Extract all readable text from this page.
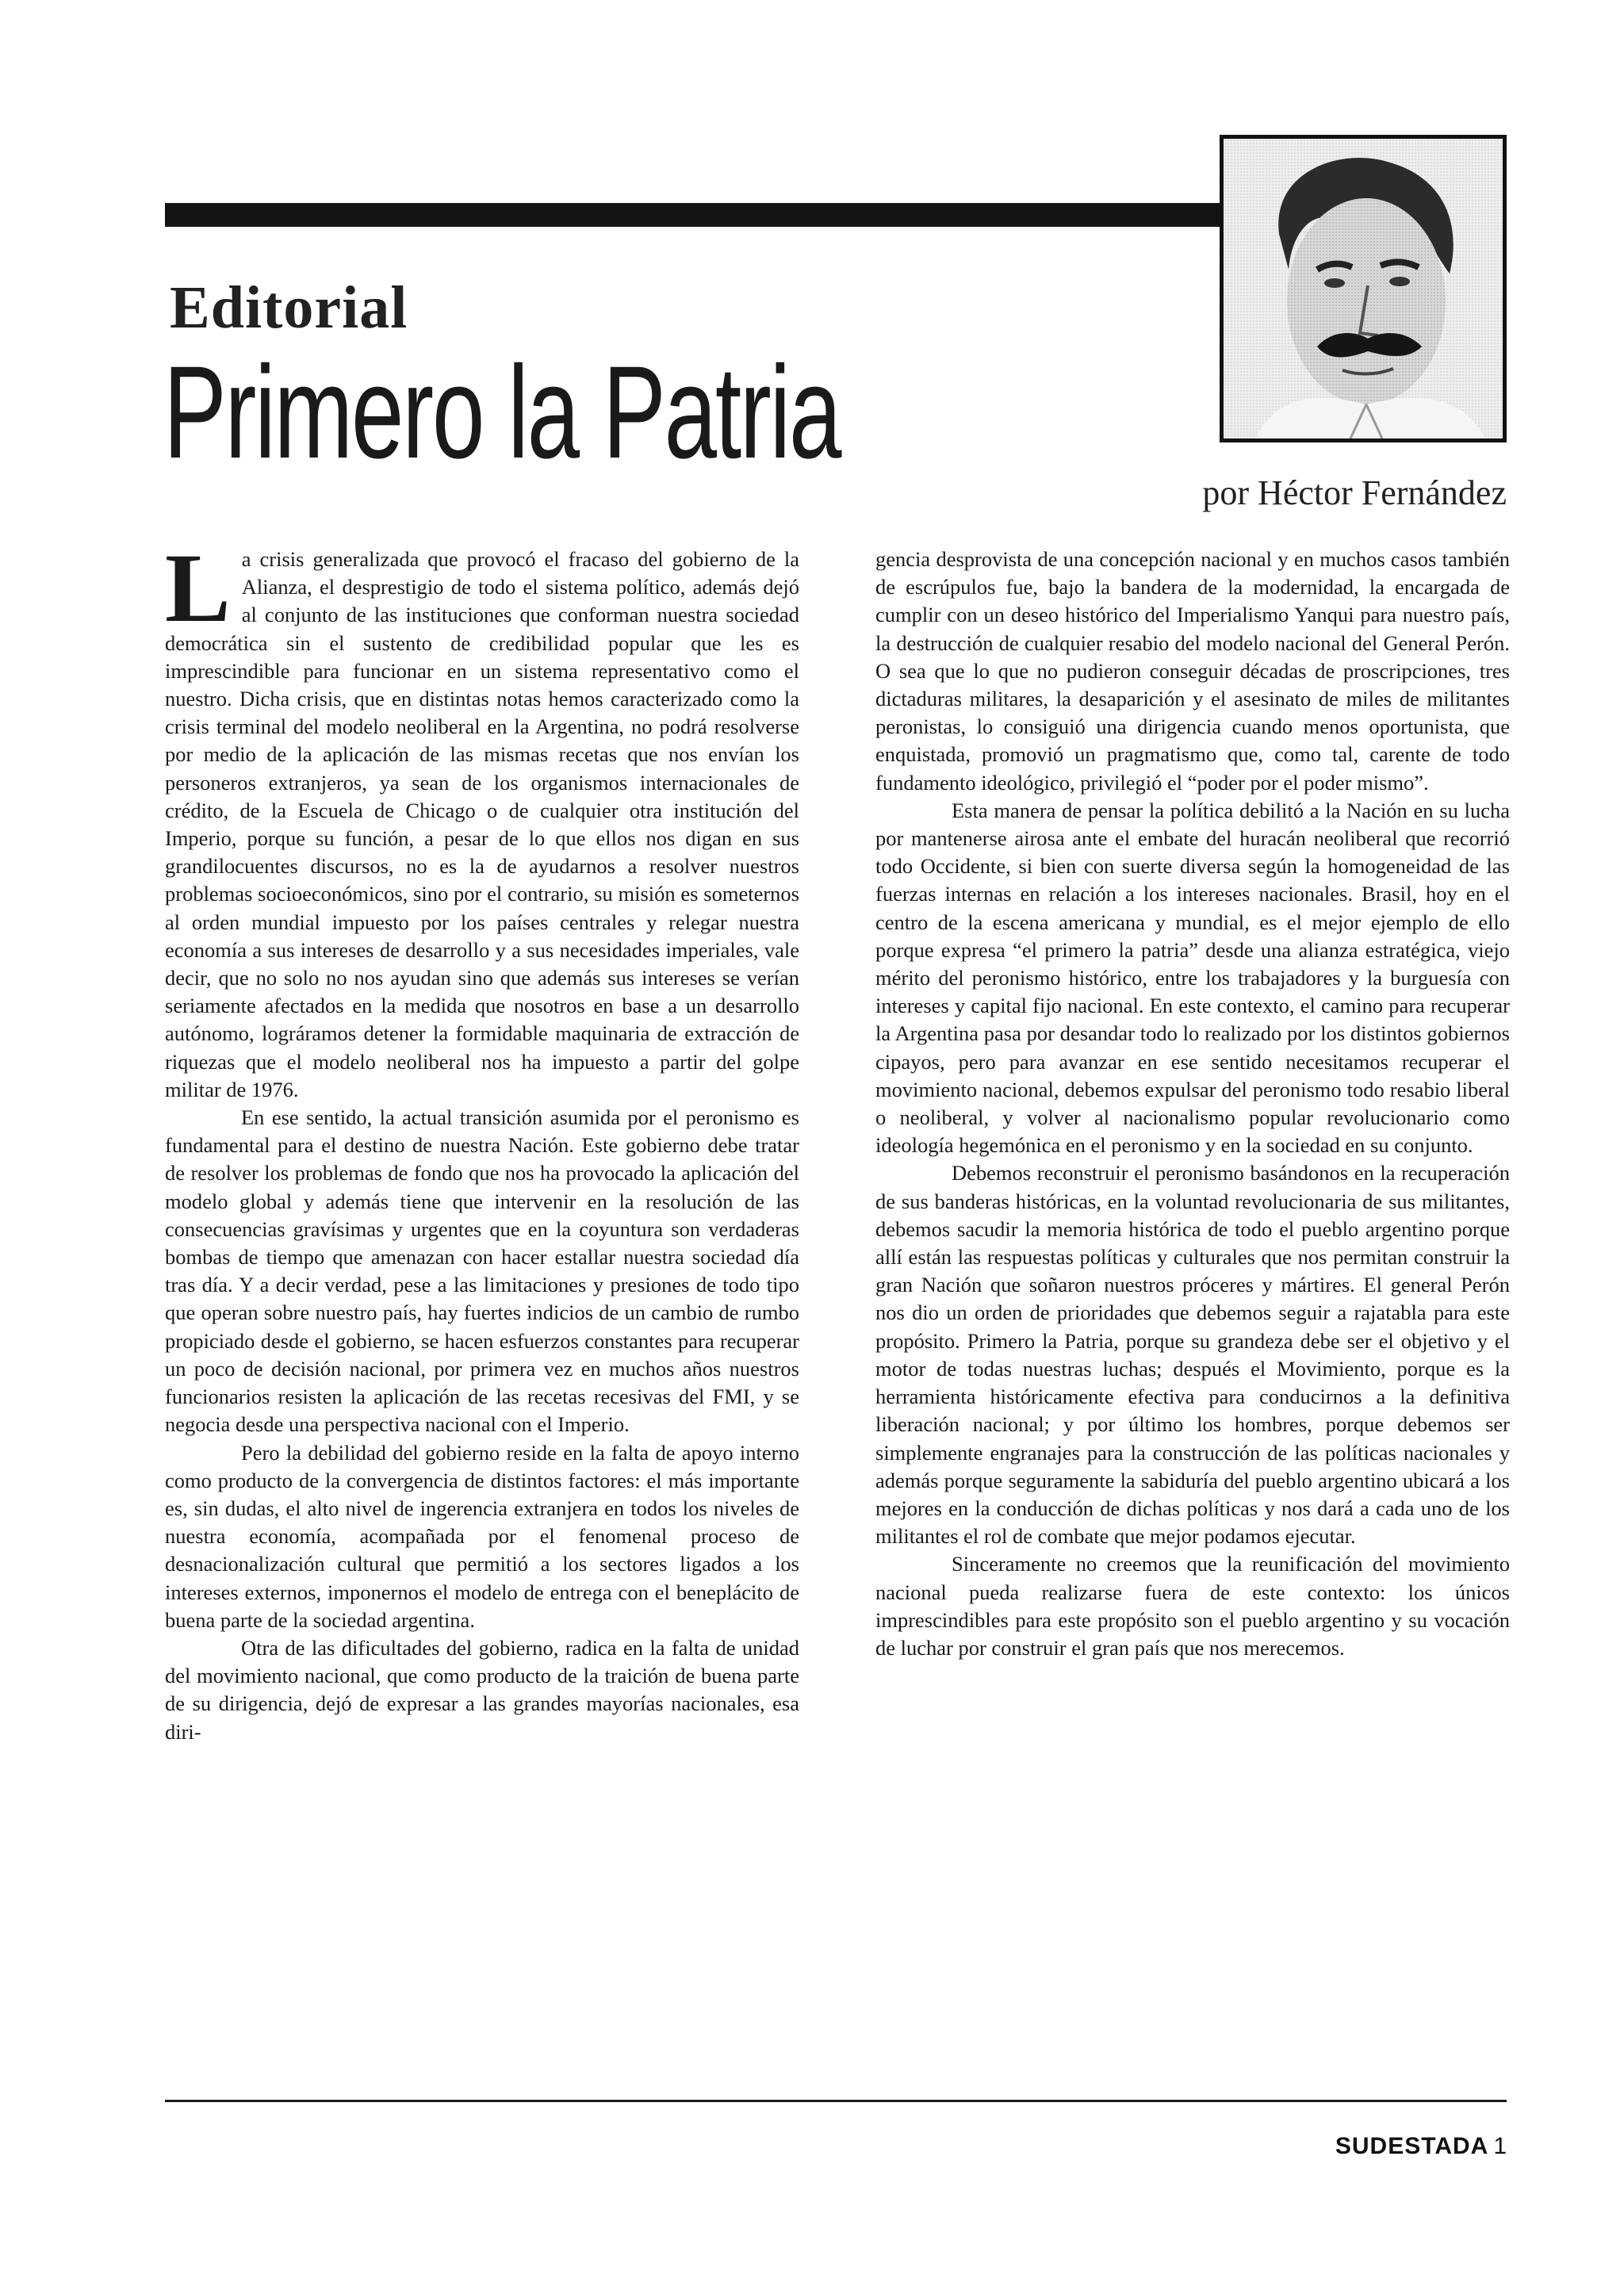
Editorial
Primero la Patria
por Héctor Fernández

La crisis generalizada que provocó el fracaso del gobierno de la Alianza, el desprestigio de todo el sistema político, además dejó al conjunto de las instituciones que conforman nuestra sociedad democrática sin el sustento de credibilidad popular que les es imprescindible para funcionar en un sistema representativo como el nuestro. Dicha crisis, que en distintas notas hemos caracterizado como la crisis terminal del modelo neoliberal en la Argentina, no podrá resolverse por medio de la aplicación de las mismas recetas que nos envían los personeros extranjeros, ya sean de los organismos internacionales de crédito, de la Escuela de Chicago o de cualquier otra institución del Imperio, porque su función, a pesar de lo que ellos nos digan en sus grandilocuentes discursos, no es la de ayudarnos a resolver nuestros problemas socioeconómicos, sino por el contrario, su misión es someternos al orden mundial impuesto por los países centrales y relegar nuestra economía a sus intereses de desarrollo y a sus necesidades imperiales, vale decir, que no solo no nos ayudan sino que además sus intereses se verían seriamente afectados en la medida que nosotros en base a un desarrollo autónomo, lográramos detener la formidable maquinaria de extracción de riquezas que el modelo neoliberal nos ha impuesto a partir del golpe militar de 1976.

En ese sentido, la actual transición asumida por el peronismo es fundamental para el destino de nuestra Nación. Este gobierno debe tratar de resolver los problemas de fondo que nos ha provocado la aplicación del modelo global y además tiene que intervenir en la resolución de las consecuencias gravísimas y urgentes que en la coyuntura son verdaderas bombas de tiempo que amenazan con hacer estallar nuestra sociedad día tras día. Y a decir verdad, pese a las limitaciones y presiones de todo tipo que operan sobre nuestro país, hay fuertes indicios de un cambio de rumbo propiciado desde el gobierno, se hacen esfuerzos constantes para recuperar un poco de decisión nacional, por primera vez en muchos años nuestros funcionarios resisten la aplicación de las recetas recesivas del FMI, y se negocia desde una perspectiva nacional con el Imperio.

Pero la debilidad del gobierno reside en la falta de apoyo interno como producto de la convergencia de distintos factores: el más importante es, sin dudas, el alto nivel de ingerencia extranjera en todos los niveles de nuestra economía, acompañada por el fenomenal proceso de desnacionalización cultural que permitió a los sectores ligados a los intereses externos, imponernos el modelo de entrega con el beneplácito de buena parte de la sociedad argentina.

Otra de las dificultades del gobierno, radica en la falta de unidad del movimiento nacional, que como producto de la traición de buena parte de su dirigencia, dejó de expresar a las grandes mayorías nacionales, esa diri-

gencia desprovista de una concepción nacional y en muchos casos también de escrúpulos fue, bajo la bandera de la modernidad, la encargada de cumplir con un deseo histórico del Imperialismo Yanqui para nuestro país, la destrucción de cualquier resabio del modelo nacional del General Perón. O sea que lo que no pudieron conseguir décadas de proscripciones, tres dictaduras militares, la desaparición y el asesinato de miles de militantes peronistas, lo consiguió una dirigencia cuando menos oportunista, que enquistada, promovió un pragmatismo que, como tal, carente de todo fundamento ideológico, privilegió el “poder por el poder mismo”.

Esta manera de pensar la política debilitó a la Nación en su lucha por mantenerse airosa ante el embate del huracán neoliberal que recorrió todo Occidente, si bien con suerte diversa según la homogeneidad de las fuerzas internas en relación a los intereses nacionales. Brasil, hoy en el centro de la escena americana y mundial, es el mejor ejemplo de ello porque expresa “el primero la patria” desde una alianza estratégica, viejo mérito del peronismo histórico, entre los trabajadores y la burguesía con intereses y capital fijo nacional. En este contexto, el camino para recuperar la Argentina pasa por desandar todo lo realizado por los distintos gobiernos cipayos, pero para avanzar en ese sentido necesitamos recuperar el movimiento nacional, debemos expulsar del peronismo todo resabio liberal o neoliberal, y volver al nacionalismo popular revolucionario como ideología hegemónica en el peronismo y en la sociedad en su conjunto.

Debemos reconstruir el peronismo basándonos en la recuperación de sus banderas históricas, en la voluntad revolucionaria de sus militantes, debemos sacudir la memoria histórica de todo el pueblo argentino porque allí están las respuestas políticas y culturales que nos permitan construir la gran Nación que soñaron nuestros próceres y mártires. El general Perón nos dio un orden de prioridades que debemos seguir a rajatabla para este propósito. Primero la Patria, porque su grandeza debe ser el objetivo y el motor de todas nuestras luchas; después el Movimiento, porque es la herramienta históricamente efectiva para conducirnos a la definitiva liberación nacional; y por último los hombres, porque debemos ser simplemente engranajes para la construcción de las políticas nacionales y además porque seguramente la sabiduría del pueblo argentino ubicará a los mejores en la conducción de dichas políticas y nos dará a cada uno de los militantes el rol de combate que mejor podamos ejecutar.

Sinceramente no creemos que la reunificación del movimiento nacional pueda realizarse fuera de este contexto: los únicos imprescindibles para este propósito son el pueblo argentino y su vocación de luchar por construir el gran país que nos merecemos.

SUDESTADA 1
